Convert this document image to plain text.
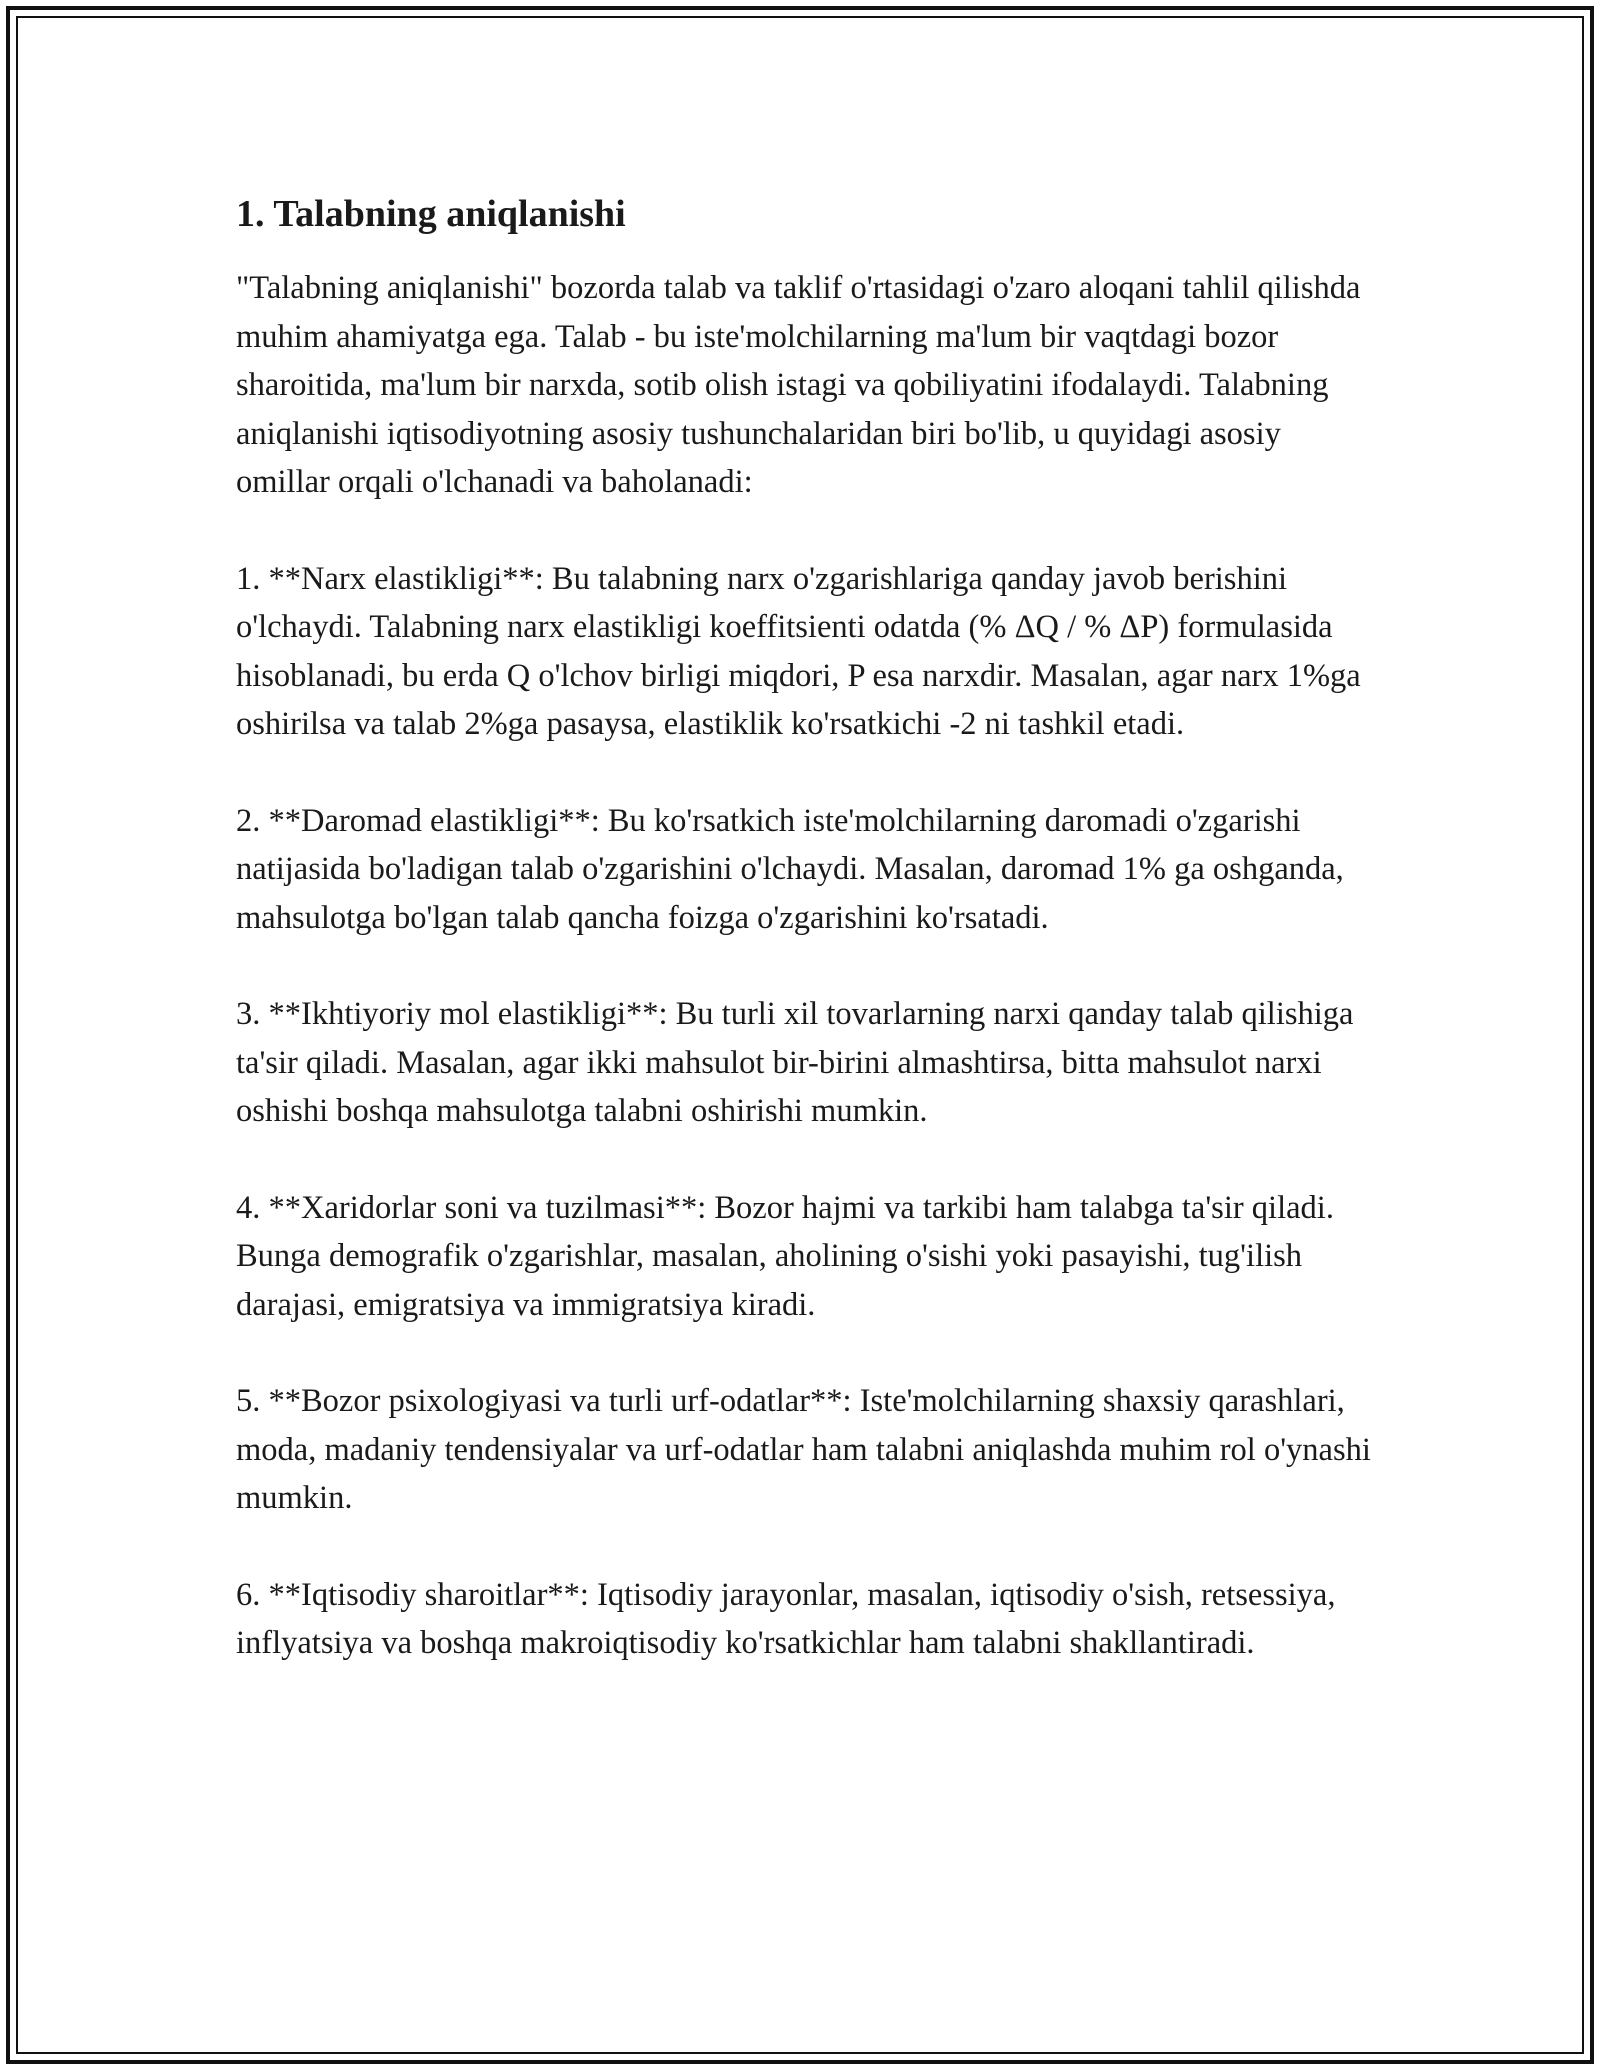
1. Talabning aniqlanishi

"Talabning aniqlanishi" bozorda talab va taklif o'rtasidagi o'zaro aloqani tahlil qilishda muhim ahamiyatga ega. Talab - bu iste'molchilarning ma'lum bir vaqtdagi bozor sharoitida, ma'lum bir narxda, sotib olish istagi va qobiliyatini ifodalaydi. Talabning aniqlanishi iqtisodiyotning asosiy tushunchalaridan biri bo'lib, u quyidagi asosiy omillar orqali o'lchanadi va baholanadi:

1. **Narx elastikligi**: Bu talabning narx o'zgarishlariga qanday javob berishini o'lchaydi. Talabning narx elastikligi koeffitsienti odatda (% ΔQ / % ΔP) formulasida hisoblanadi, bu erda Q o'lchov birligi miqdori, P esa narxdir. Masalan, agar narx 1%ga oshirilsa va talab 2%ga pasaysa, elastiklik ko'rsatkichi -2 ni tashkil etadi.

2. **Daromad elastikligi**: Bu ko'rsatkich iste'molchilarning daromadi o'zgarishi natijasida bo'ladigan talab o'zgarishini o'lchaydi. Masalan, daromad 1% ga oshganda, mahsulotga bo'lgan talab qancha foizga o'zgarishini ko'rsatadi.

3. **Ikhtiyoriy mol elastikligi**: Bu turli xil tovarlarning narxi qanday talab qilishiga ta'sir qiladi. Masalan, agar ikki mahsulot bir-birini almashtirsa, bitta mahsulot narxi oshishi boshqa mahsulotga talabni oshirishi mumkin.

4. **Xaridorlar soni va tuzilmasi**: Bozor hajmi va tarkibi ham talabga ta'sir qiladi. Bunga demografik o'zgarishlar, masalan, aholining o'sishi yoki pasayishi, tug'ilish darajasi, emigratsiya va immigratsiya kiradi.

5. **Bozor psixologiyasi va turli urf-odatlar**: Iste'molchilarning shaxsiy qarashlari, moda, madaniy tendensiyalar va urf-odatlar ham talabni aniqlashda muhim rol o'ynashi mumkin.

6. **Iqtisodiy sharoitlar**: Iqtisodiy jarayonlar, masalan, iqtisodiy o'sish, retsessiya, inflyatsiya va boshqa makroiqtisodiy ko'rsatkichlar ham talabni shakllantiradi.
